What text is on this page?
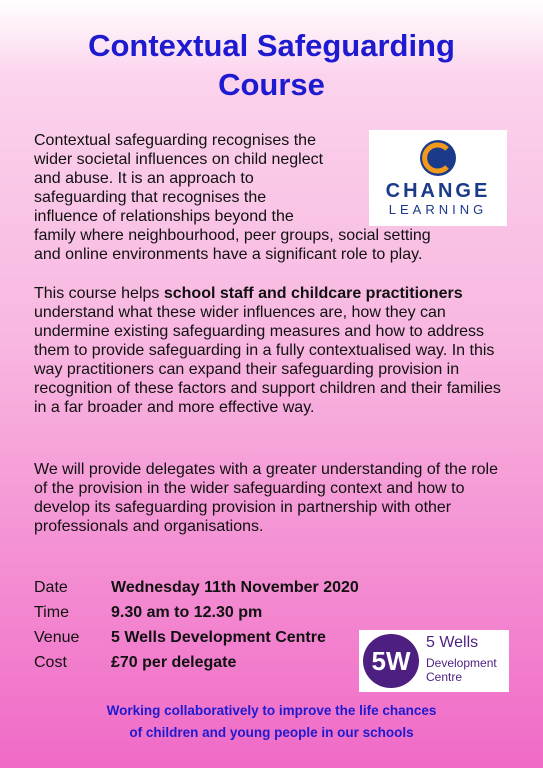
Contextual Safeguarding
Course
CHANGE
LEARNING
Contextual safeguarding recognises the
wider societal influences on child neglect
and abuse. It is an approach to
safeguarding that recognises the
influence of relationships beyond the
family where neighbourhood, peer groups, social setting
and online environments have a significant role to play.
This course helps school staff and childcare practitioners understand what these wider influences are, how they can undermine existing safeguarding measures and how to address them to provide safeguarding in a fully contextualised way. In this way practitioners can expand their safeguarding provision in recognition of these factors and support children and their families in a far broader and more effective way.
We will provide delegates with a greater understanding of the role of the provision in the wider safeguarding context and how to develop its safeguarding provision in partnership with other professionals and organisations.
Date	Wednesday 11th November 2020
Time	9.30 am to 12.30 pm
Venue 5 Wells Development Centre
Cost	£70 per delegate	5W
5 Wells
Development Centre
Working collaboratively to improve the life chances
of children and young people in our schools
